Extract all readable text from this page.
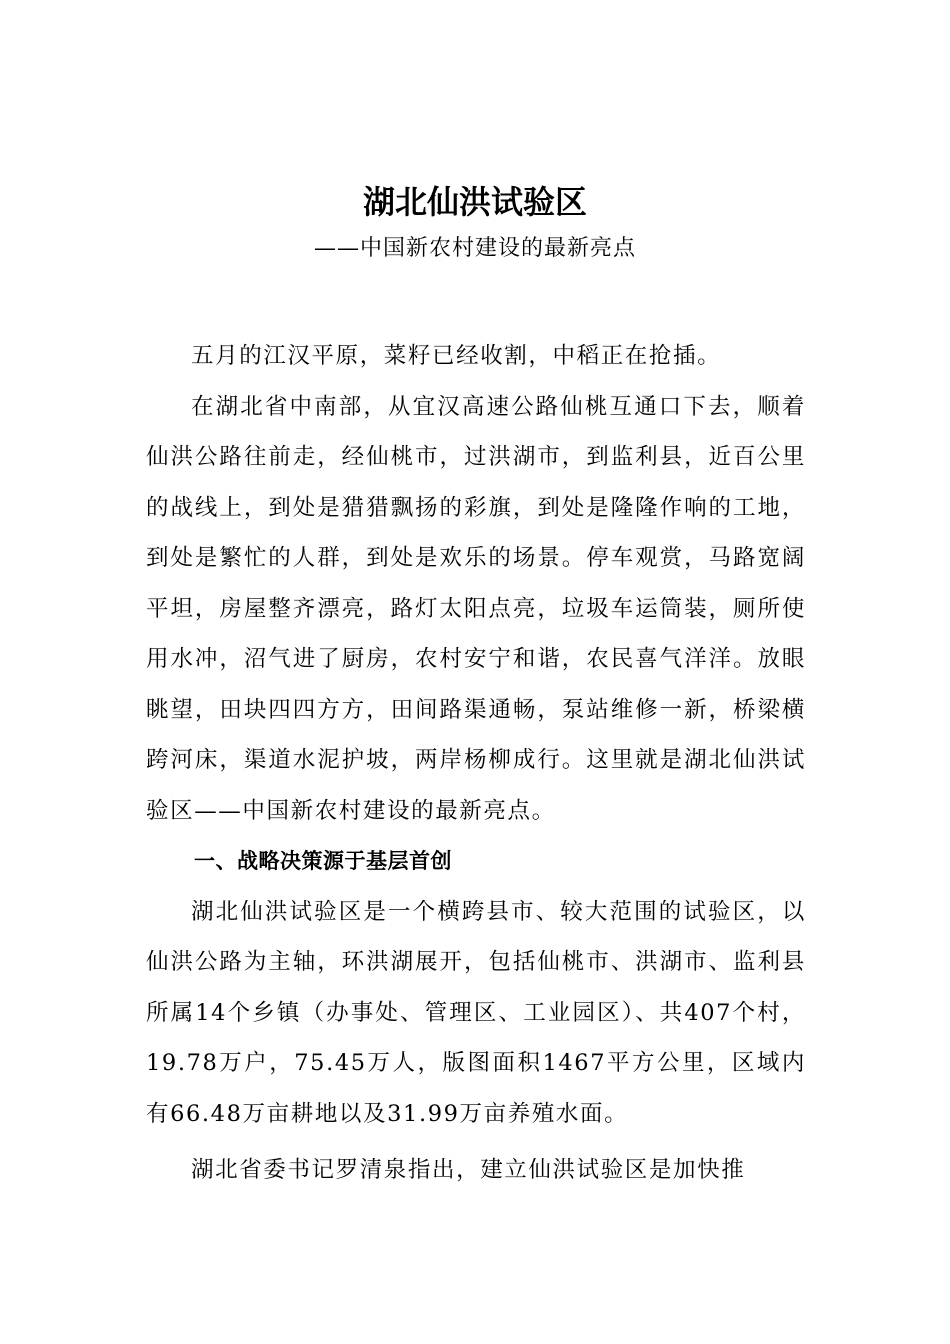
湖北仙洪试验区

——中国新农村建设的最新亮点

五月的江汉平原，菜籽已经收割，中稻正在抢插。

在湖北省中南部，从宜汉高速公路仙桃互通口下去，顺着仙洪公路往前走，经仙桃市，过洪湖市，到监利县，近百公里的战线上，到处是猎猎飘扬的彩旗，到处是隆隆作响的工地，到处是繁忙的人群，到处是欢乐的场景。停车观赏，马路宽阔平坦，房屋整齐漂亮，路灯太阳点亮，垃圾车运筒装，厕所使用水冲，沼气进了厨房，农村安宁和谐，农民喜气洋洋。放眼眺望，田块四四方方，田间路渠通畅，泵站维修一新，桥梁横跨河床，渠道水泥护坡，两岸杨柳成行。这里就是湖北仙洪试验区——中国新农村建设的最新亮点。

一、战略决策源于基层首创

湖北仙洪试验区是一个横跨县市、较大范围的试验区，以仙洪公路为主轴，环洪湖展开，包括仙桃市、洪湖市、监利县所属14个乡镇（办事处、管理区、工业园区）、共407个村，19.78万户，75.45万人，版图面积1467平方公里，区域内有66.48万亩耕地以及31.99万亩养殖水面。

湖北省委书记罗清泉指出，建立仙洪试验区是加快推
